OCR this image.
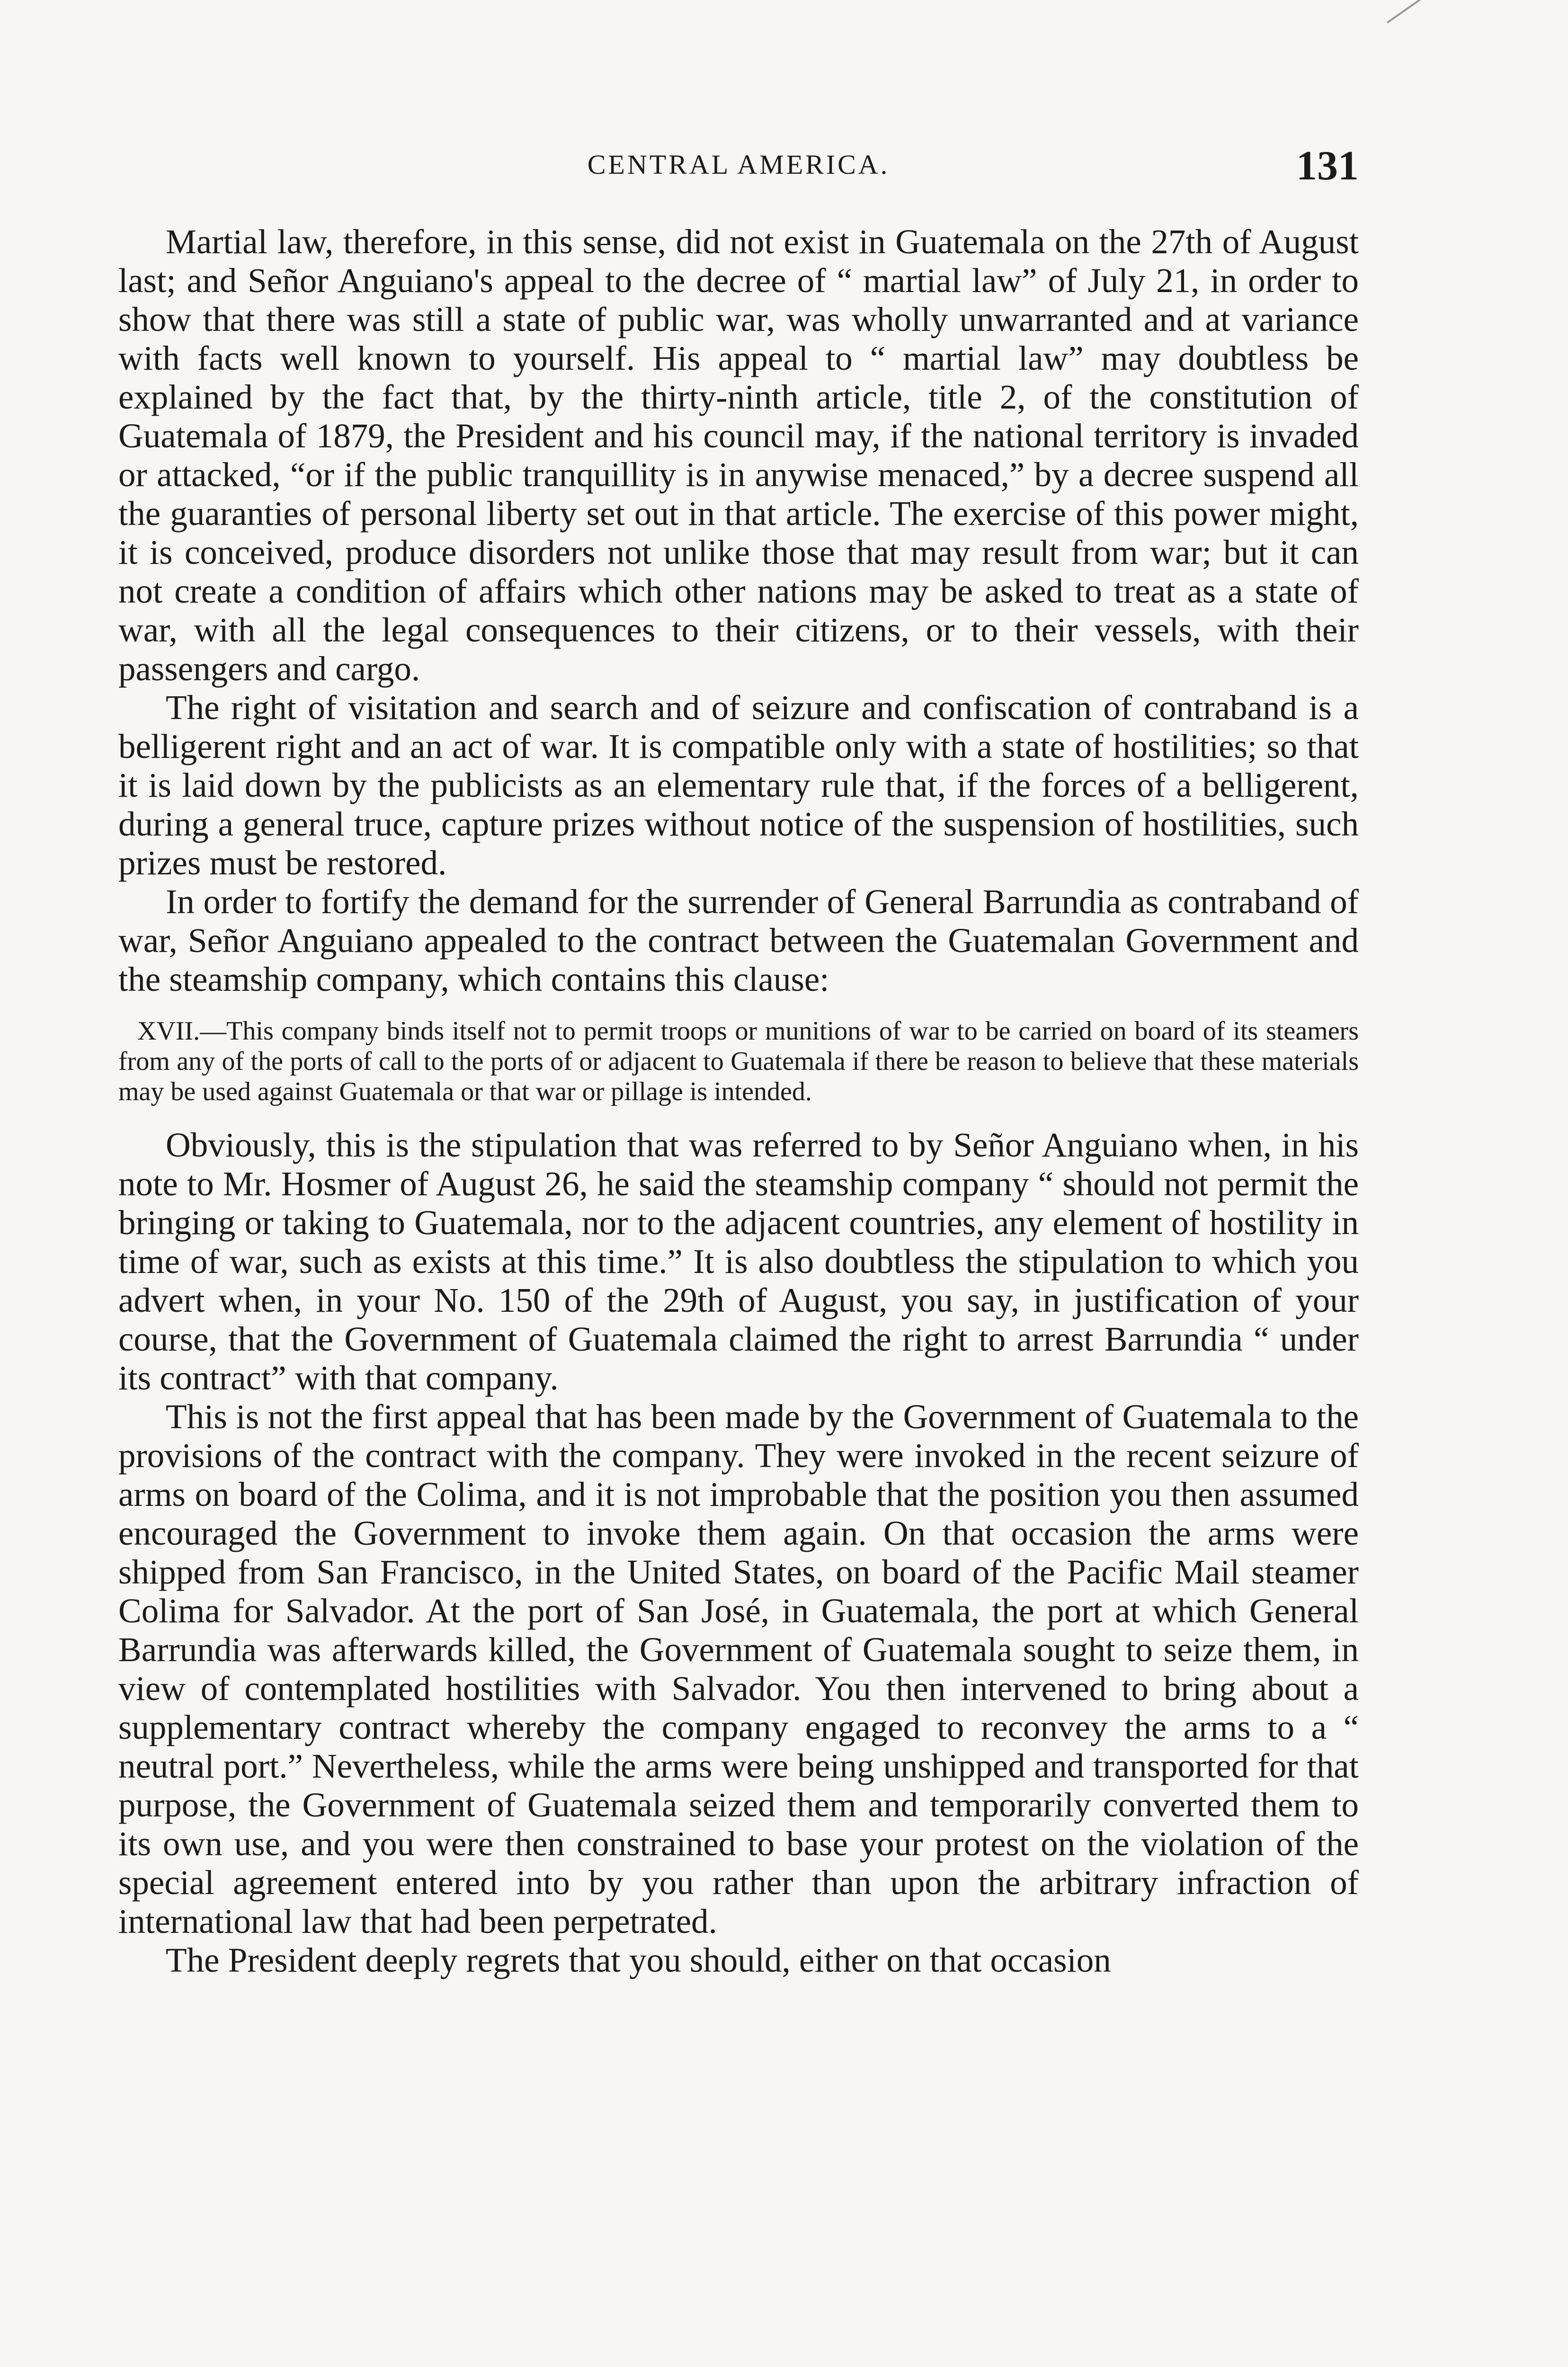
CENTRAL AMERICA.	131

Martial law, therefore, in this sense, did not exist in Guatemala on the 27th of August last; and Señor Anguiano's appeal to the decree of “ martial law” of July 21, in order to show that there was still a state of public war, was wholly unwarranted and at variance with facts well known to yourself. His appeal to “ martial law” may doubtless be explained by the fact that, by the thirty-ninth article, title 2, of the constitution of Guatemala of 1879, the President and his council may, if the national territory is invaded or attacked, “or if the public tranquillity is in anywise menaced,” by a decree suspend all the guaranties of personal liberty set out in that article. The exercise of this power might, it is conceived, produce disorders not unlike those that may result from war; but it can not create a condition of affairs which other nations may be asked to treat as a state of war, with all the legal consequences to their citizens, or to their vessels, with their passengers and cargo.

The right of visitation and search and of seizure and confiscation of contraband is a belligerent right and an act of war. It is compatible only with a state of hostilities; so that it is laid down by the publicists as an elementary rule that, if the forces of a belligerent, during a general truce, capture prizes without notice of the suspension of hostilities, such prizes must be restored.

In order to fortify the demand for the surrender of General Barrundia as contraband of war, Señor Anguiano appealed to the contract between the Guatemalan Government and the steamship company, which contains this clause:

XVII.—This company binds itself not to permit troops or munitions of war to be carried on board of its steamers from any of the ports of call to the ports of or adjacent to Guatemala if there be reason to believe that these materials may be used against Guatemala or that war or pillage is intended.

Obviously, this is the stipulation that was referred to by Señor Anguiano when, in his note to Mr. Hosmer of August 26, he said the steamship company “ should not permit the bringing or taking to Guatemala, nor to the adjacent countries, any element of hostility in time of war, such as exists at this time.” It is also doubtless the stipulation to which you advert when, in your No. 150 of the 29th of August, you say, in justification of your course, that the Government of Guatemala claimed the right to arrest Barrundia “ under its contract” with that company.

This is not the first appeal that has been made by the Government of Guatemala to the provisions of the contract with the company. They were invoked in the recent seizure of arms on board of the Colima, and it is not improbable that the position you then assumed encouraged the Government to invoke them again. On that occasion the arms were shipped from San Francisco, in the United States, on board of the Pacific Mail steamer Colima for Salvador. At the port of San José, in Guatemala, the port at which General Barrundia was afterwards killed, the Government of Guatemala sought to seize them, in view of contemplated hostilities with Salvador. You then intervened to bring about a supplementary contract whereby the company engaged to reconvey the arms to a “ neutral port.” Nevertheless, while the arms were being unshipped and transported for that purpose, the Government of Guatemala seized them and temporarily converted them to its own use, and you were then constrained to base your protest on the violation of the special agreement entered into by you rather than upon the arbitrary infraction of international law that had been perpetrated.

The President deeply regrets that you should, either on that occasion
